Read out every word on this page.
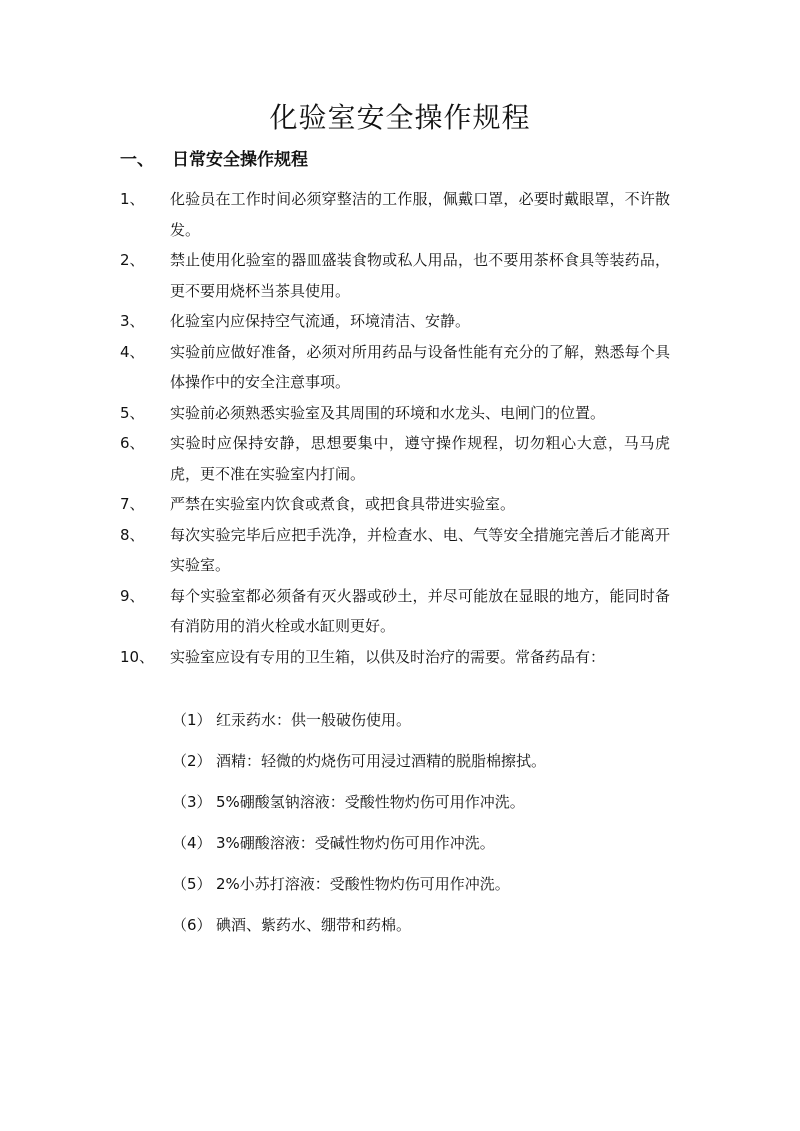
化验室安全操作规程
一、 日常安全操作规程
1、	化验员在工作时间必须穿整洁的工作服，佩戴口罩，必要时戴眼罩，不许散发。
2、	禁止使用化验室的器皿盛装食物或私人用品，也不要用茶杯食具等装药品，更不要用烧杯当茶具使用。
3、	化验室内应保持空气流通，环境清洁、安静。
4、	实验前应做好准备，必须对所用药品与设备性能有充分的了解，熟悉每个具体操作中的安全注意事项。
5、	实验前必须熟悉实验室及其周围的环境和水龙头、电闸门的位置。
6、	实验时应保持安静，思想要集中，遵守操作规程，切勿粗心大意，马马虎虎，更不准在实验室内打闹。
7、	严禁在实验室内饮食或煮食，或把食具带进实验室。
8、	每次实验完毕后应把手洗净，并检查水、电、气等安全措施完善后才能离开实验室。
9、	每个实验室都必须备有灭火器或砂土，并尽可能放在显眼的地方，能同时备有消防用的消火栓或水缸则更好。
10、	实验室应设有专用的卫生箱，以供及时治疗的需要。常备药品有：
（1） 红汞药水：供一般破伤使用。
（2） 酒精：轻微的灼烧伤可用浸过酒精的脱脂棉擦拭。
（3） 5%硼酸氢钠溶液：受酸性物灼伤可用作冲洗。
（4） 3%硼酸溶液：受碱性物灼伤可用作冲洗。
（5） 2%小苏打溶液：受酸性物灼伤可用作冲洗。
（6） 碘酒、紫药水、绷带和药棉。
